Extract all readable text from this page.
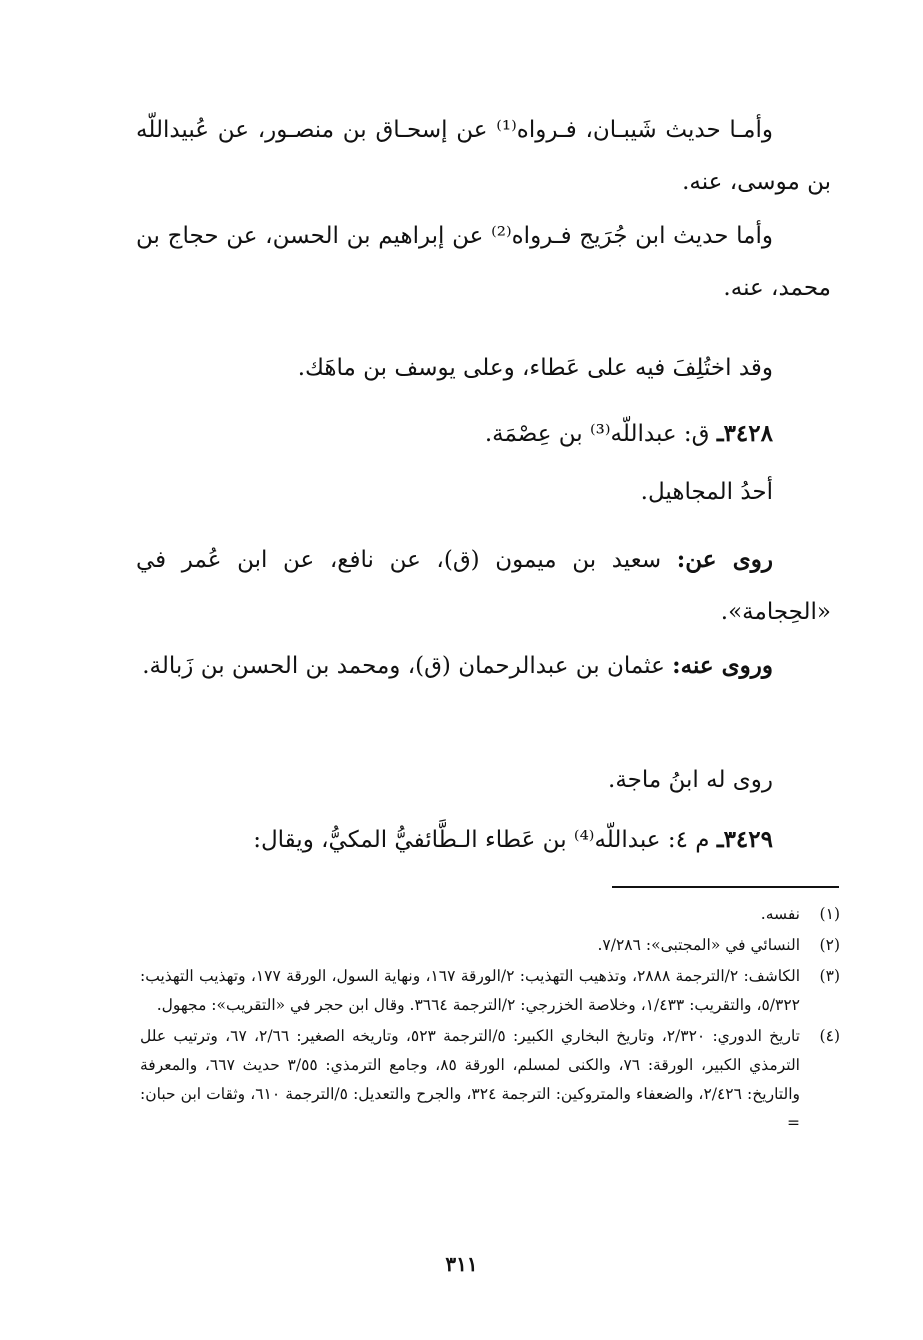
وأمـا حديث شَيبـان، فـرواه⁽¹⁾ عن إسحـاق بن منصـور، عن عُبيداللّه بن موسى، عنه.

وأما حديث ابن جُرَيج فـرواه⁽²⁾ عن إبراهيم بن الحسن، عن حجاج بن محمد، عنه.

وقد اختُلِفَ فيه على عَطاء، وعلى يوسف بن ماهَك.

٣٤٢٨ـ ق: عبداللّه⁽³⁾ بن عِصْمَة.

أحدُ المجاهيل.

روى عن: سعيد بن ميمون (ق)، عن نافع، عن ابن عُمر في «الحِجامة».

وروى عنه: عثمان بن عبدالرحمان (ق)، ومحمد بن الحسن بن زَبالة.

روى له ابنُ ماجة.

٣٤٢٩ـ م ٤: عبداللّه⁽⁴⁾ بن عَطاء الـطَّائفيُّ المكيُّ، ويقال:

(١)
نفسه.

(٢)
النسائي في «المجتبى»: ٧/٢٨٦.

(٣)
الكاشف: ٢/الترجمة ٢٨٨٨، وتذهيب التهذيب: ٢/الورقة ١٦٧، ونهاية السول، الورقة ١٧٧، وتهذيب التهذيب: ٥/٣٢٢، والتقريب: ١/٤٣٣، وخلاصة الخزرجي: ٢/الترجمة ٣٦٦٤. وقال ابن حجر في «التقريب»: مجهول.

(٤)
تاريخ الدوري: ٢/٣٢٠، وتاريخ البخاري الكبير: ٥/الترجمة ٥٢٣، وتاريخه الصغير: ٢/٦٦، ٦٧، وترتيب علل الترمذي الكبير، الورقة: ٧٦، والكنى لمسلم، الورقة ٨٥، وجامع الترمذي: ٣/٥٥ حديث ٦٦٧، والمعرفة والتاريخ: ٢/٤٢٦، والضعفاء والمتروكين: الترجمة ٣٢٤، والجرح والتعديل: ٥/الترجمة ٦١٠، وثقات ابن حبان: =

٣١١
